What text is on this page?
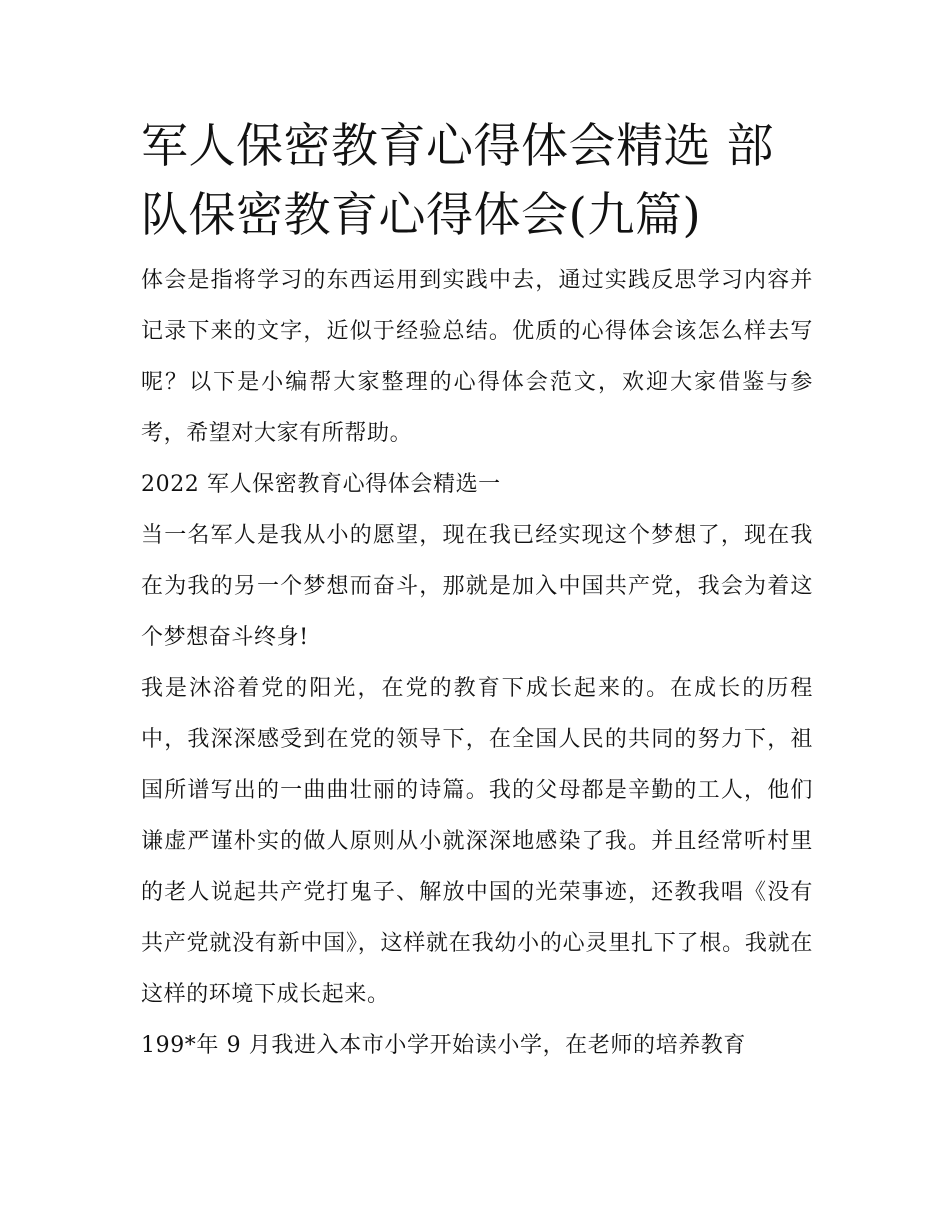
军人保密教育心得体会精选 部队保密教育心得体会(九篇)

体会是指将学习的东西运用到实践中去，通过实践反思学习内容并记录下来的文字，近似于经验总结。优质的心得体会该怎么样去写呢？以下是小编帮大家整理的心得体会范文，欢迎大家借鉴与参考，希望对大家有所帮助。

2022 军人保密教育心得体会精选一

当一名军人是我从小的愿望，现在我已经实现这个梦想了，现在我在为我的另一个梦想而奋斗，那就是加入中国共产党，我会为着这个梦想奋斗终身!

我是沐浴着党的阳光，在党的教育下成长起来的。在成长的历程中，我深深感受到在党的领导下，在全国人民的共同的努力下，祖国所谱写出的一曲曲壮丽的诗篇。我的父母都是辛勤的工人，他们谦虚严谨朴实的做人原则从小就深深地感染了我。并且经常听村里的老人说起共产党打鬼子、解放中国的光荣事迹，还教我唱《没有共产党就没有新中国》，这样就在我幼小的心灵里扎下了根。我就在这样的环境下成长起来。

199*年 9 月我进入本市小学开始读小学，在老师的培养教育
